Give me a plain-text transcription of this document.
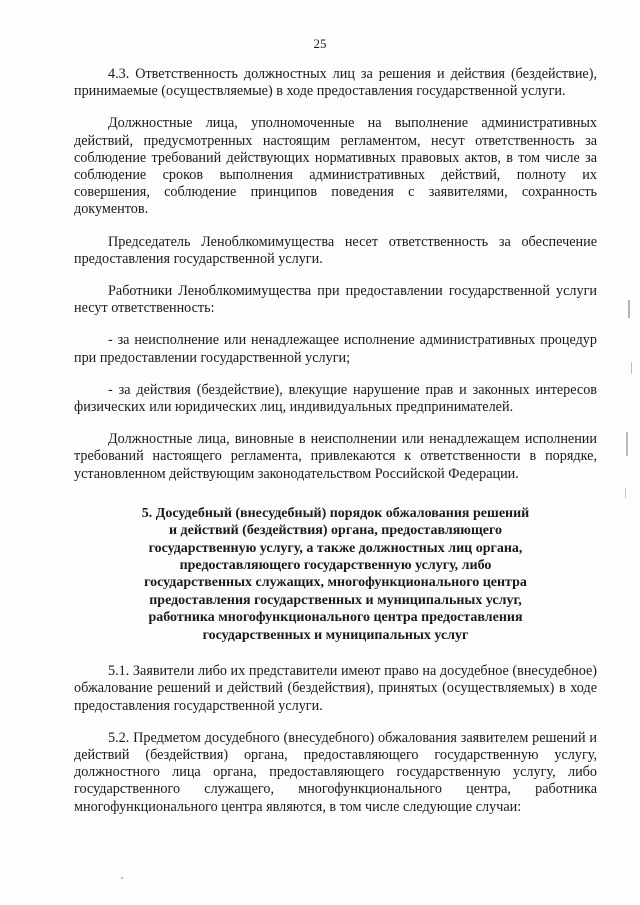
25

4.3. Ответственность должностных лиц за решения и действия (бездействие), принимаемые (осуществляемые) в ходе предоставления государственной услуги.

Должностные лица, уполномоченные на выполнение административных действий, предусмотренных настоящим регламентом, несут ответственность за соблюдение требований действующих нормативных правовых актов, в том числе за соблюдение сроков выполнения административных действий, полноту их совершения, соблюдение принципов поведения с заявителями, сохранность документов.

Председатель Леноблкомимущества несет ответственность за обеспечение предоставления государственной услуги.

Работники Леноблкомимущества при предоставлении государственной услуги несут ответственность:

- за неисполнение или ненадлежащее исполнение административных процедур при предоставлении государственной услуги;

- за действия (бездействие), влекущие нарушение прав и законных интересов физических или юридических лиц, индивидуальных предпринимателей.

Должностные лица, виновные в неисполнении или ненадлежащем исполнении требований настоящего регламента, привлекаются к ответственности в порядке, установленном действующим законодательством Российской Федерации.

5. Досудебный (внесудебный) порядок обжалования решений
и действий (бездействия) органа, предоставляющего
государственную услугу, а также должностных лиц органа,
предоставляющего государственную услугу, либо
государственных служащих, многофункционального центра
предоставления государственных и муниципальных услуг,
работника многофункционального центра предоставления
государственных и муниципальных услуг

5.1. Заявители либо их представители имеют право на досудебное (внесудебное) обжалование решений и действий (бездействия), принятых (осуществляемых) в ходе предоставления государственной услуги.

5.2. Предметом досудебного (внесудебного) обжалования заявителем решений и действий (бездействия) органа, предоставляющего государственную услугу, должностного лица органа, предоставляющего государственную услугу, либо государственного служащего, многофункционального центра, работника многофункционального центра являются, в том числе следующие случаи:
